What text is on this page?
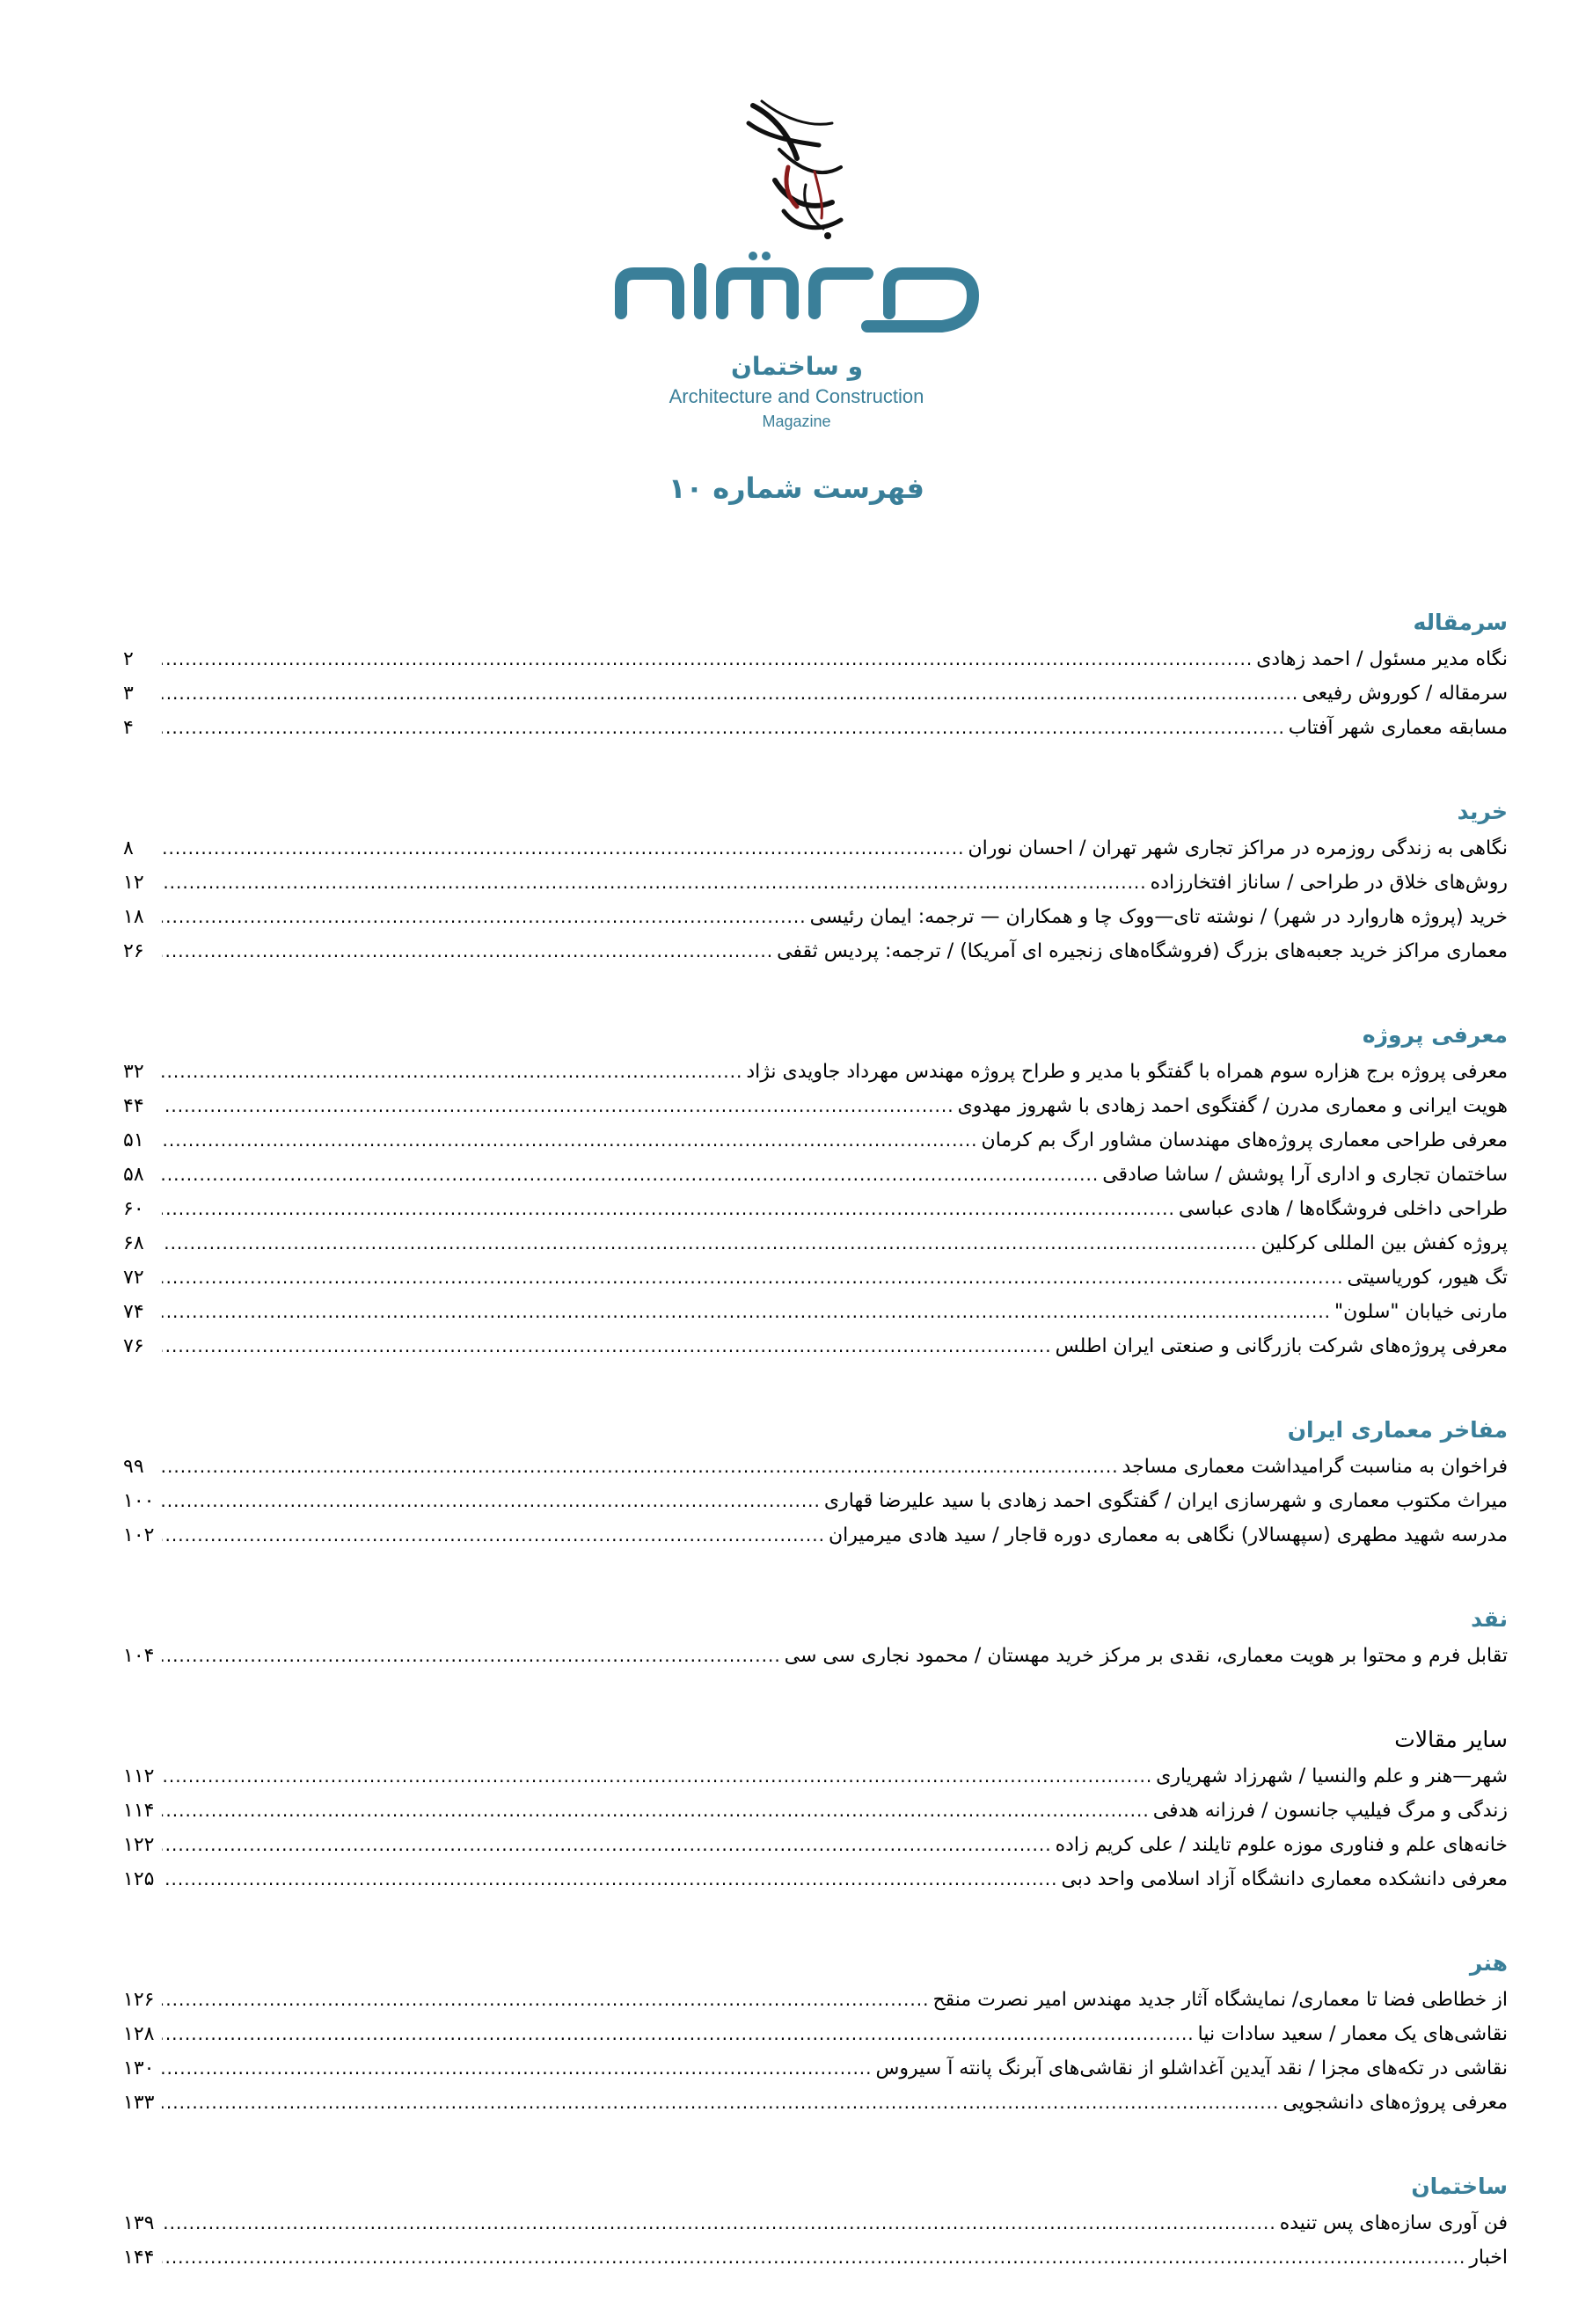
و ساختمان
Architecture and Construction
Magazine
فهرست شماره ۱۰
سرمقاله
نگاه مدیر مسئول / احمد زهادی
.....
۲
سرمقاله / کوروش رفیعی
.....
۳
مسابقه معماری شهر آفتاب
.....
۴
خرید
نگاهی به زندگی روزمره در مراکز تجاری شهر تهران / احسان نوران
.....
۸
روش‌های خلاق در طراحی / ساناز افتخارزاده
.....
۱۲
خرید (پروژه هاروارد در شهر) / نوشته تای—ووک چا و همکاران — ترجمه: ایمان رئیسی
.....
۱۸
معماری مراکز خرید جعبه‌های بزرگ (فروشگاه‌های زنجیره ای آمریکا) / ترجمه: پردیس ثقفی
.....
۲۶
معرفی پروژه
معرفی پروژه برج هزاره سوم همراه با گفتگو با مدیر و طراح پروژه مهندس مهرداد جاویدی نژاد
.....
۳۲
هویت ایرانی و معماری مدرن / گفتگوی احمد زهادی با شهروز مهدوی
.....
۴۴
معرفی طراحی معماری پروژه‌های مهندسان مشاور ارگ بم کرمان
.....
۵۱
ساختمان تجاری و اداری آرا پوشش / ساشا صادقی
.....
۵۸
طراحی داخلی فروشگاه‌ها / هادی عباسی
.....
۶۰
پروژه کفش بین المللی کرکلین
.....
۶۸
تگ هیور، کوریاسیتی
.....
۷۲
مارنی خیابان "سلون"
.....
۷۴
معرفی پروژه‌های شرکت بازرگانی و صنعتی ایران اطلس
.....
۷۶
مفاخر معماری ایران
فراخوان به مناسبت گرامیداشت معماری مساجد
.....
۹۹
میراث مکتوب معماری و شهرسازی ایران / گفتگوی احمد زهادی با سید علیرضا قهاری
.....
۱۰۰
مدرسه شهید مطهری (سپهسالار) نگاهی به معماری دوره قاجار / سید هادی میرمیران
.....
۱۰۲
نقد
تقابل فرم و محتوا بر هویت معماری، نقدی بر مرکز خرید مهستان / محمود نجاری سی سی
.....
۱۰۴
سایر مقالات
شهر—هنر و علم والنسیا / شهرزاد شهریاری
.....
۱۱۲
زندگی و مرگ فیلیپ جانسون / فرزانه هدفی
.....
۱۱۴
خانه‌های علم و فناوری موزه علوم تایلند / علی کریم زاده
.....
۱۲۲
معرفی دانشکده معماری دانشگاه آزاد اسلامی واحد دبی
.....
۱۲۵
هنر
از خطاطی فضا تا معماری/ نمایشگاه آثار جدید مهندس امیر نصرت منقح
.....
۱۲۶
نقاشی‌های یک معمار / سعید سادات نیا
.....
۱۲۸
نقاشی در تکه‌های مجزا / نقد آیدین آغداشلو از نقاشی‌های آبرنگ پانته آ سیروس
.....
۱۳۰
معرفی پروژه‌های دانشجویی
.....
۱۳۳
ساختمان
فن آوری سازه‌های پس تنیده
.....
۱۳۹
اخبار
.....
۱۴۴
